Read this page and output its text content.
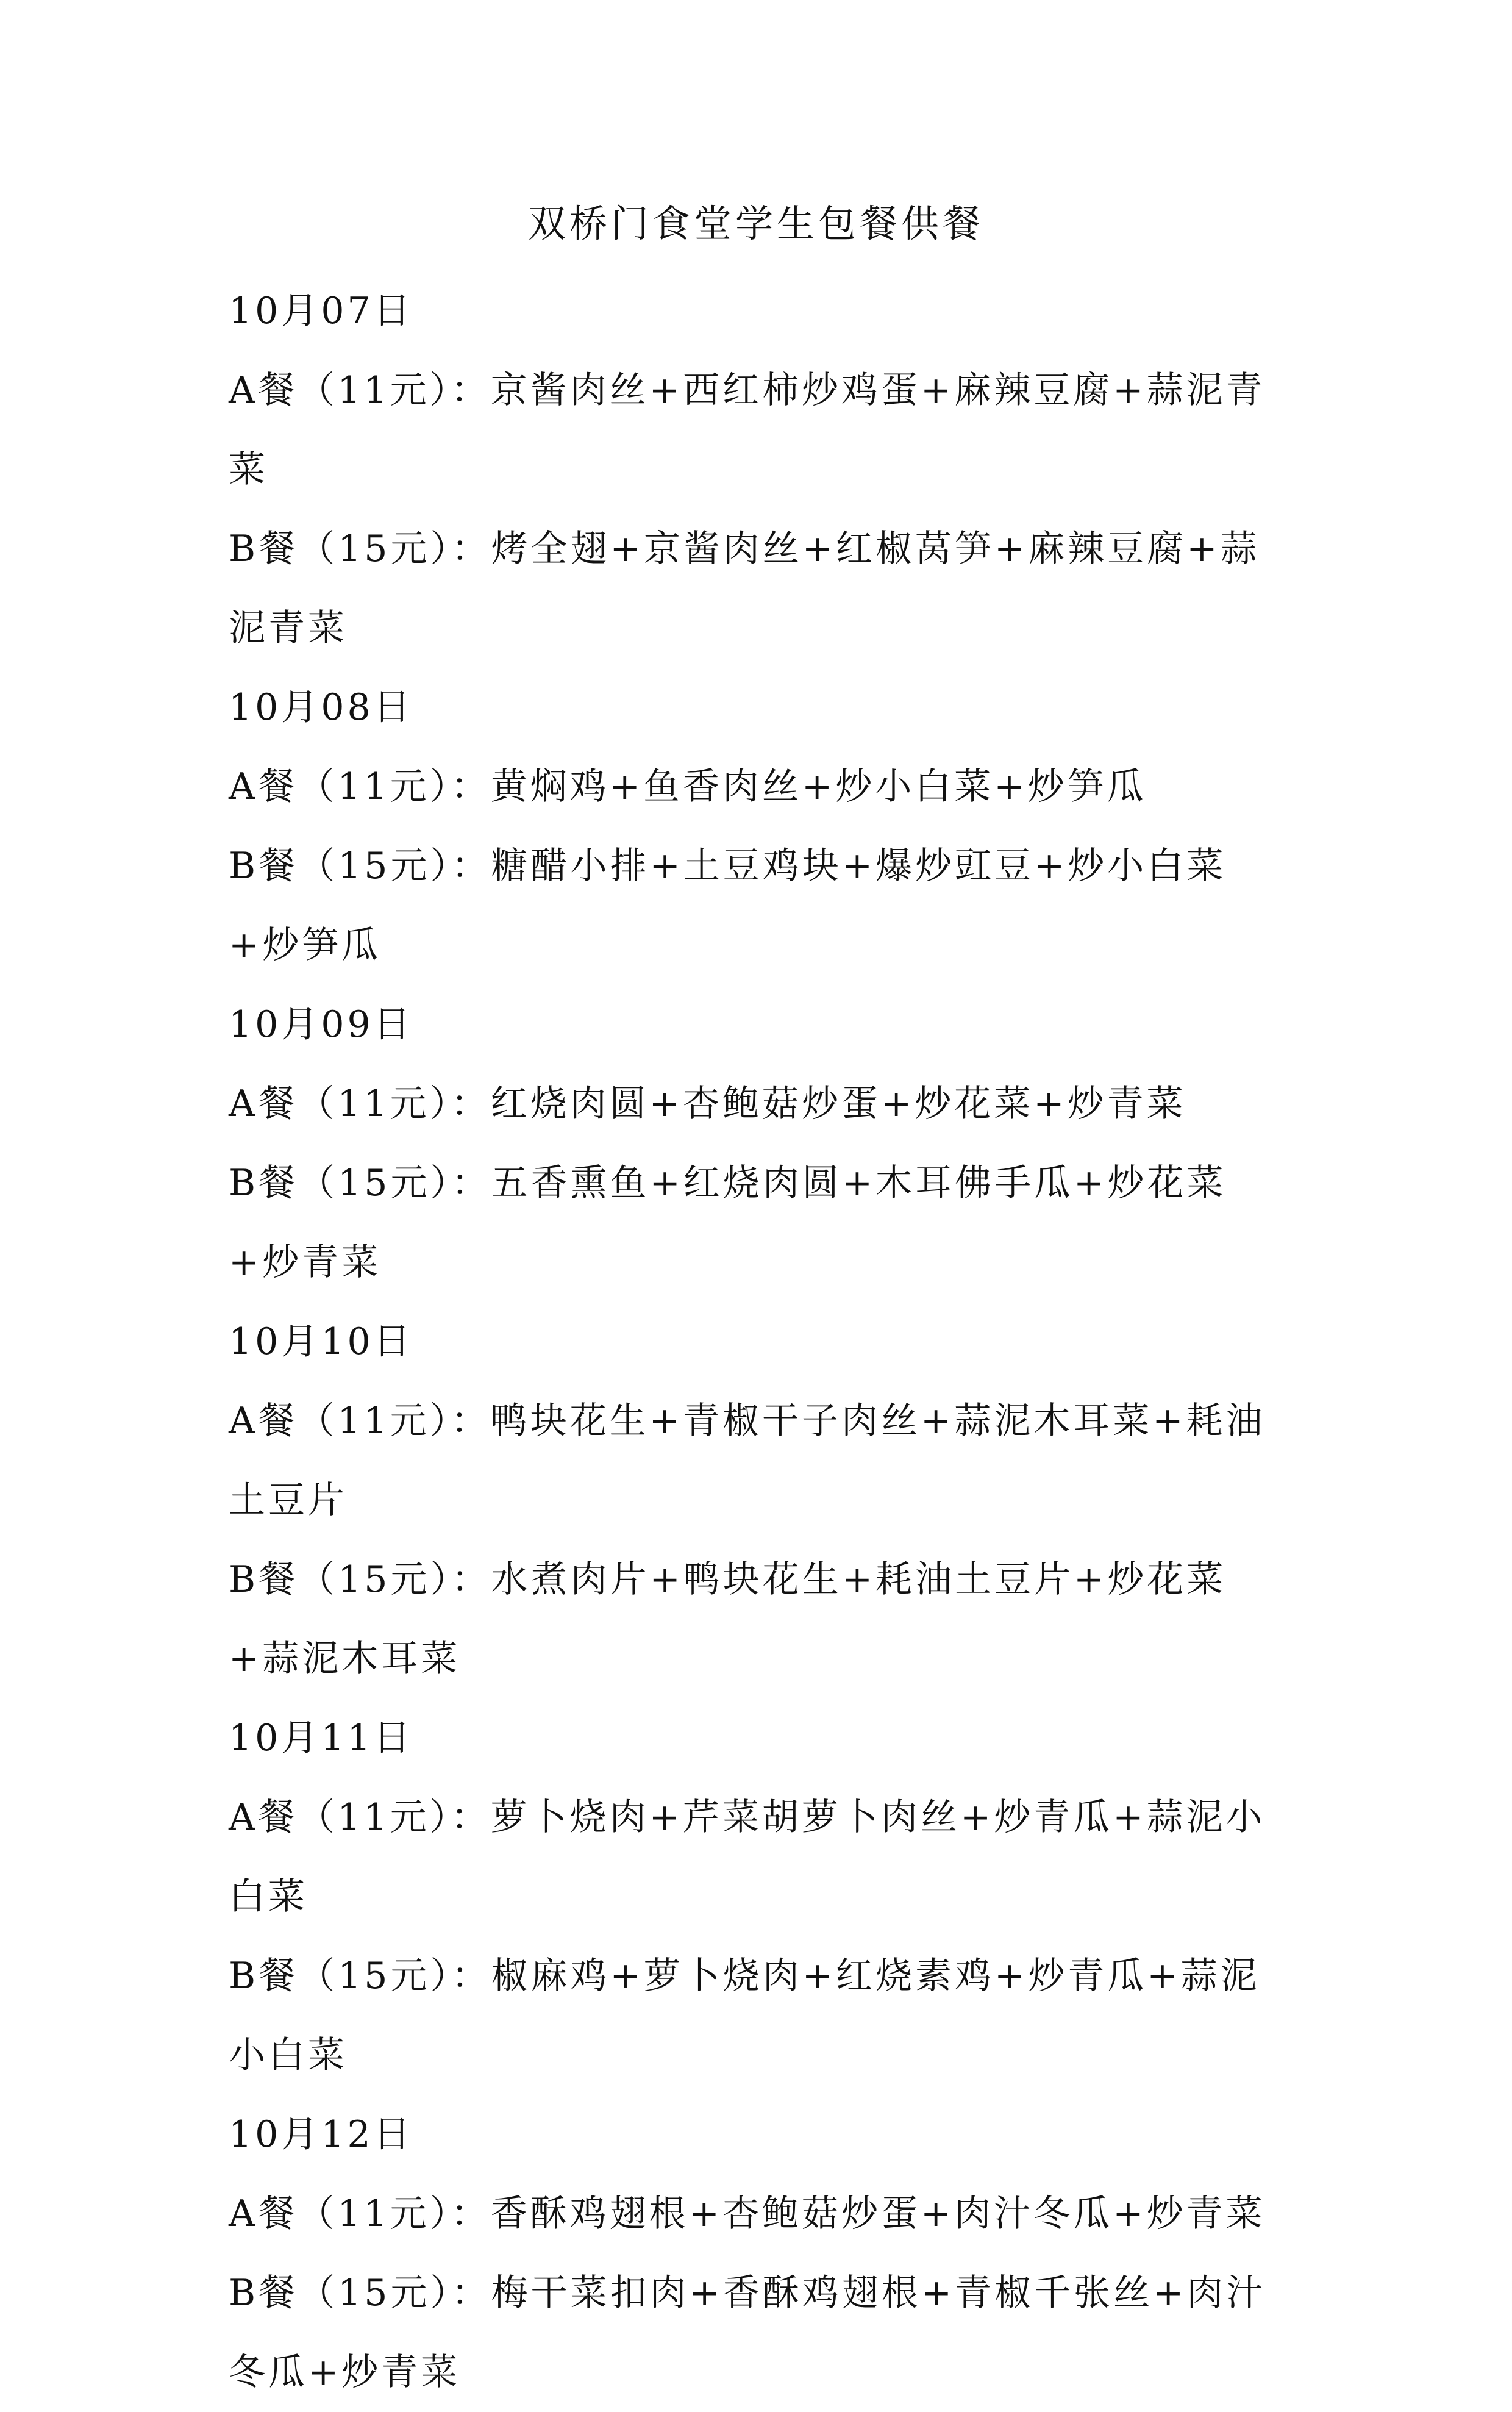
双桥门食堂学生包餐供餐
10月07日
A餐（11元）：京酱肉丝+西红柿炒鸡蛋+麻辣豆腐+蒜泥青菜
B餐（15元）：烤全翅+京酱肉丝+红椒莴笋+麻辣豆腐+蒜泥青菜
10月08日
A餐（11元）：黄焖鸡+鱼香肉丝+炒小白菜+炒笋瓜
B餐（15元）：糖醋小排+土豆鸡块+爆炒豇豆+炒小白菜+炒笋瓜
10月09日
A餐（11元）：红烧肉圆+杏鲍菇炒蛋+炒花菜+炒青菜
B餐（15元）：五香熏鱼+红烧肉圆+木耳佛手瓜+炒花菜+炒青菜
10月10日
A餐（11元）：鸭块花生+青椒干子肉丝+蒜泥木耳菜+耗油土豆片
B餐（15元）：水煮肉片+鸭块花生+耗油土豆片+炒花菜+蒜泥木耳菜
10月11日
A餐（11元）：萝卜烧肉+芹菜胡萝卜肉丝+炒青瓜+蒜泥小白菜
B餐（15元）：椒麻鸡+萝卜烧肉+红烧素鸡+炒青瓜+蒜泥小白菜
10月12日
A餐（11元）：香酥鸡翅根+杏鲍菇炒蛋+肉汁冬瓜+炒青菜
B餐（15元）：梅干菜扣肉+香酥鸡翅根+青椒千张丝+肉汁冬瓜+炒青菜
